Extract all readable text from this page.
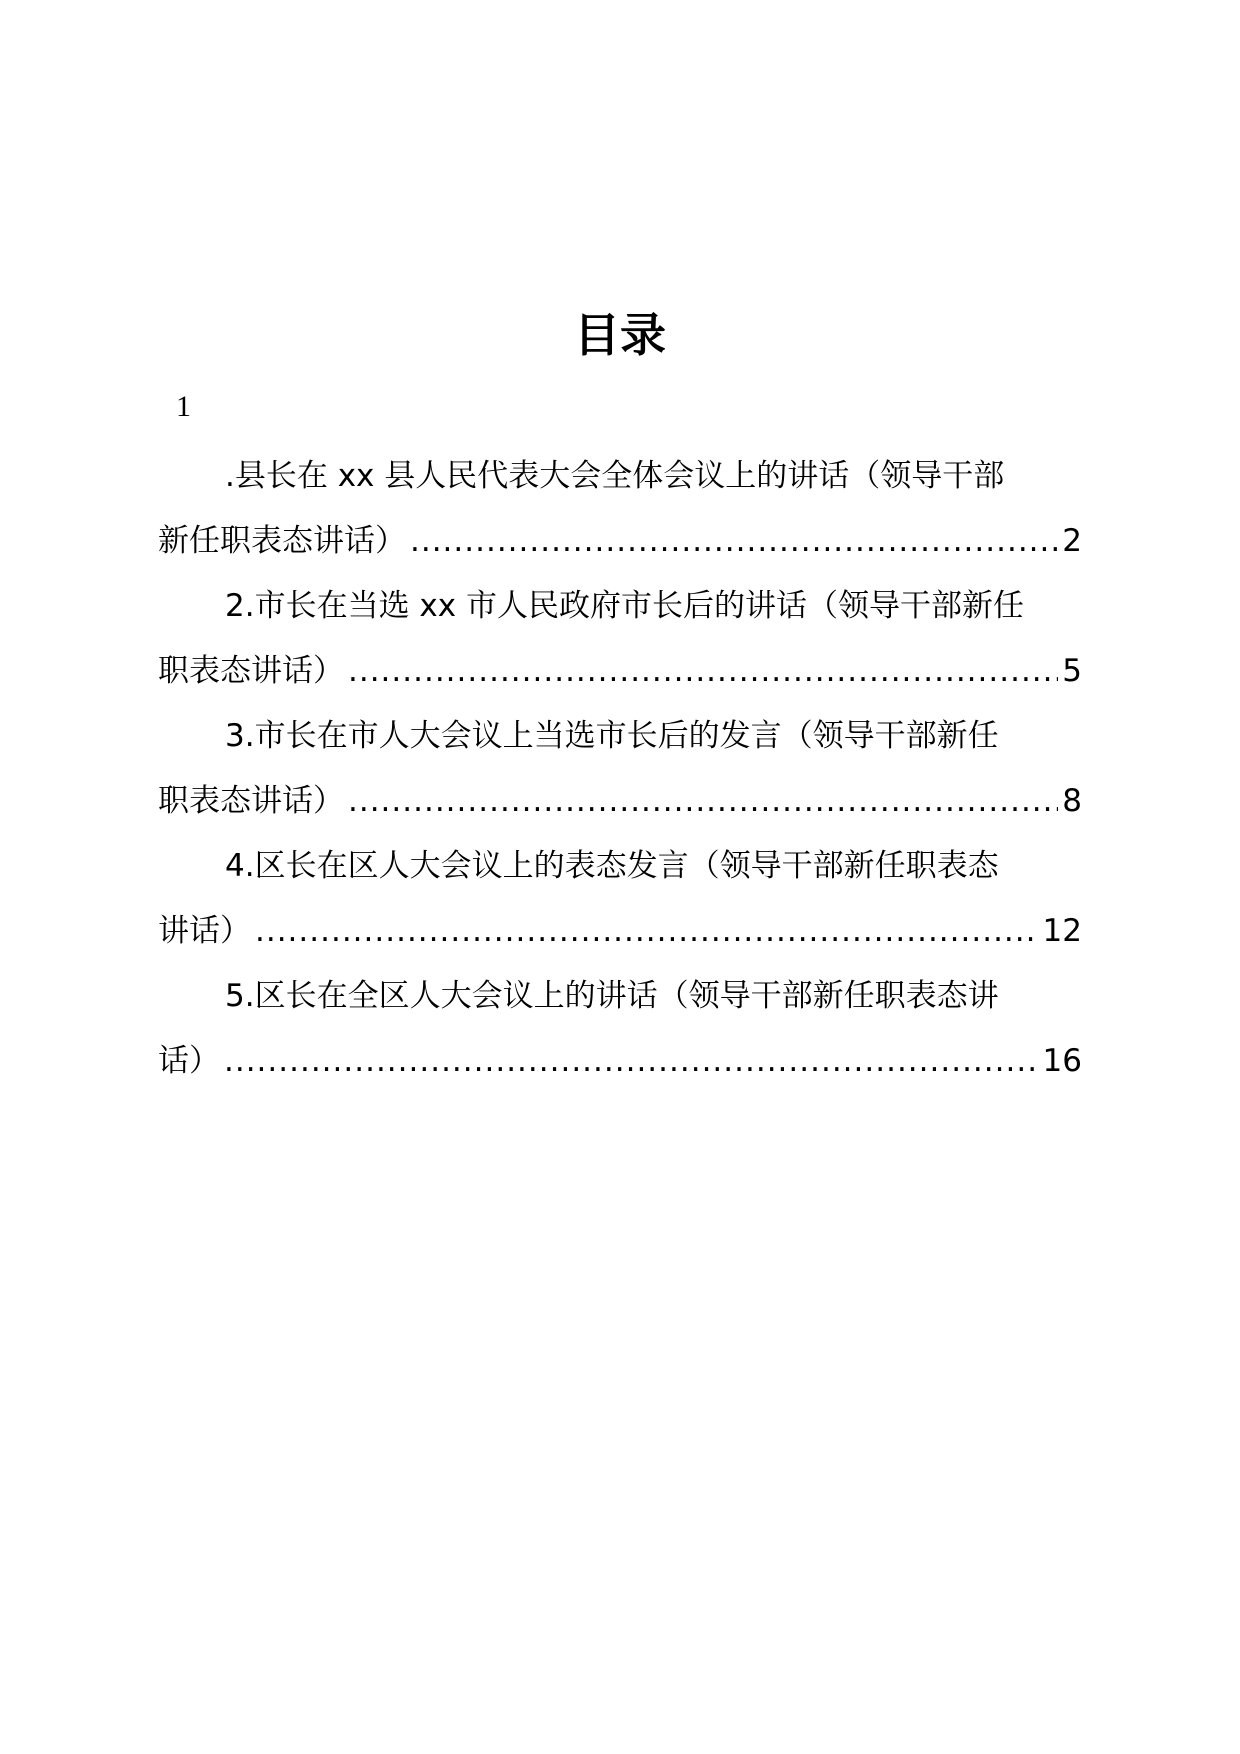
目录
1
.县长在 xx 县人民代表大会全体会议上的讲话（领导干部
新任职表态讲话） .....	2
2.市长在当选 xx 市人民政府市长后的讲话（领导干部新任
职表态讲话） .....	5
3.市长在市人大会议上当选市长后的发言（领导干部新任
职表态讲话） .....	8
4.区长在区人大会议上的表态发言（领导干部新任职表态
讲话） .....	12
5.区长在全区人大会议上的讲话（领导干部新任职表态讲
话） .....	16
